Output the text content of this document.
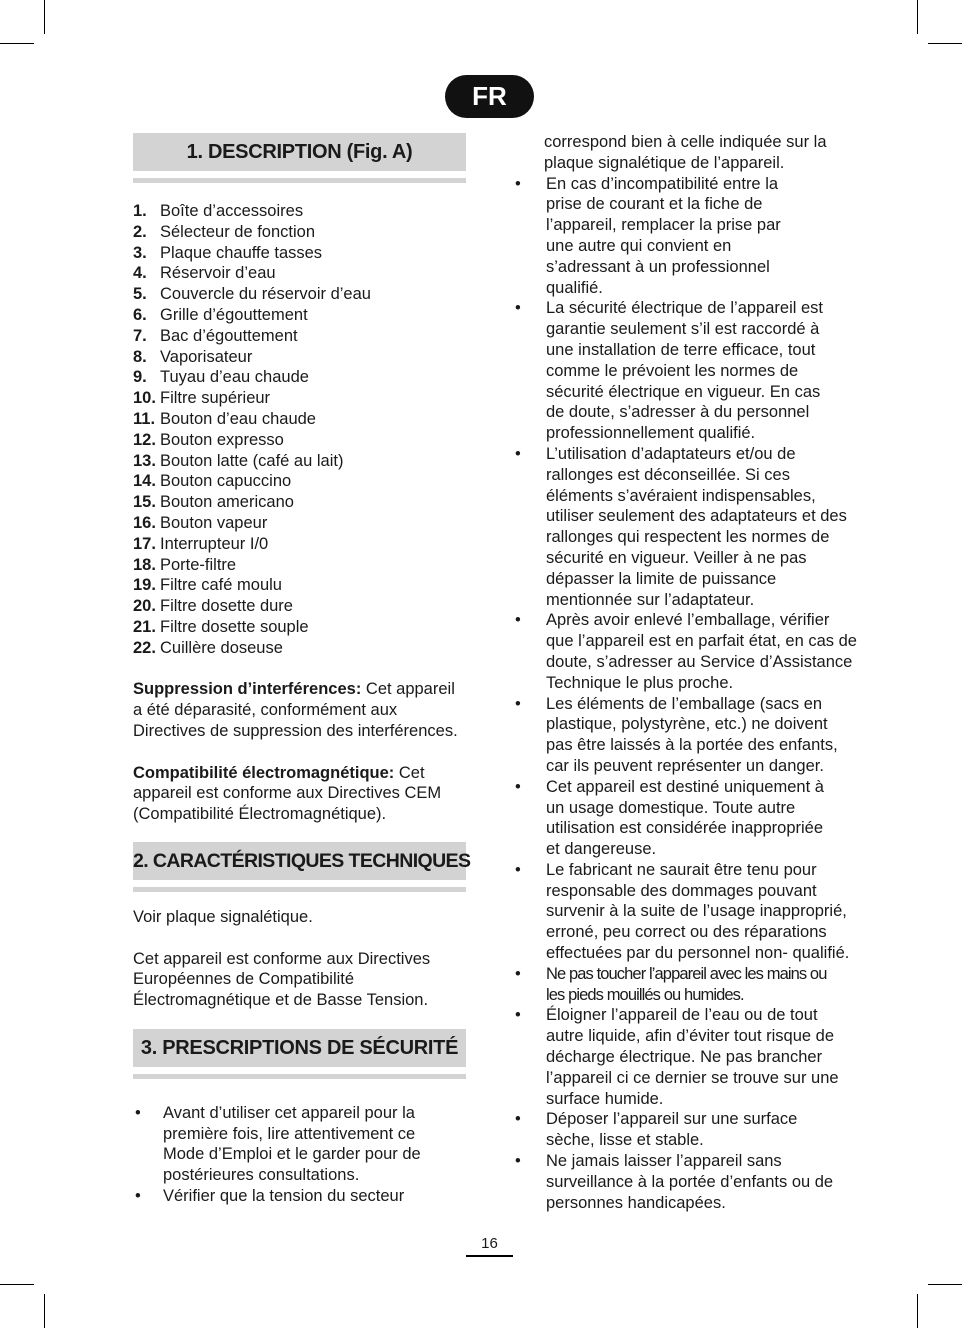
FR
1. DESCRIPTION (Fig. A)
1. Boîte d’accessoires
2. Sélecteur de fonction
3. Plaque chauffe tasses
4. Réservoir d’eau
5. Couvercle du réservoir d’eau
6. Grille d’égouttement
7. Bac d’égouttement
8. Vaporisateur
9. Tuyau d’eau chaude
10. Filtre supérieur
11. Bouton d’eau chaude
12. Bouton expresso
13. Bouton latte (café au lait)
14. Bouton capuccino
15. Bouton americano
16. Bouton vapeur
17. Interrupteur I/0
18. Porte-filtre
19. Filtre café moulu
20. Filtre dosette dure
21. Filtre dosette souple
22. Cuillère doseuse

Suppression d’interférences: Cet appareil a été déparasité, conformément aux Directives de suppression des interférences.

Compatibilité électromagnétique: Cet appareil est conforme aux Directives CEM (Compatibilité Électromagnétique).

2. CARACTÉRISTIQUES TECHNIQUES

Voir plaque signalétique.

Cet appareil est conforme aux Directives Européennes de Compatibilité Électromagnétique et de Basse Tension.

3. PRESCRIPTIONS DE SÉCURITÉ
•	Avant d’utiliser cet appareil pour la première fois, lire attentivement ce Mode d’Emploi et le garder pour de postérieures consultations.
•	Vérifier que la tension du secteur
correspond bien à celle indiquée sur la plaque signalétique de l’appareil.
•	En cas d’incompatibilité entre la prise de courant et la fiche de l’appareil, remplacer la prise par une autre qui convient en s’adressant à un professionnel qualifié.
•	La sécurité électrique de l’appareil est garantie seulement s’il est raccordé à une installation de terre efficace, tout comme le prévoient les normes de sécurité électrique en vigueur. En cas de doute, s’adresser à du personnel professionnellement qualifié.
•	L’utilisation d’adaptateurs et/ou de rallonges est déconseillée. Si ces éléments s’avéraient indispensables, utiliser seulement des adaptateurs et des rallonges qui respectent les normes de sécurité en vigueur. Veiller à ne pas dépasser la limite de puissance mentionnée sur l’adaptateur.
•	Après avoir enlevé l’emballage, vérifier que l’appareil est en parfait état, en cas de doute, s’adresser au Service d’Assistance Technique le plus proche.
•	Les éléments de l’emballage (sacs en plastique, polystyrène, etc.) ne doivent pas être laissés à la portée des enfants, car ils peuvent représenter un danger.
•	Cet appareil est destiné uniquement à un usage domestique. Toute autre utilisation est considérée inappropriée et dangereuse.
•	Le fabricant ne saurait être tenu pour responsable des dommages pouvant survenir à la suite de l’usage inapproprié, erroné, peu correct ou des réparations effectuées par du personnel non- qualifié.
•	Ne pas toucher l’appareil avec les mains ou les pieds mouillés ou humides.
•	Éloigner l’appareil de l’eau ou de tout autre liquide, afin d’éviter tout risque de décharge électrique. Ne pas brancher l’appareil ci ce dernier se trouve sur une surface humide.
•	Déposer l’appareil sur une surface sèche, lisse et stable.
•	Ne jamais laisser l’appareil sans surveillance à la portée d’enfants ou de personnes handicapées.
16
